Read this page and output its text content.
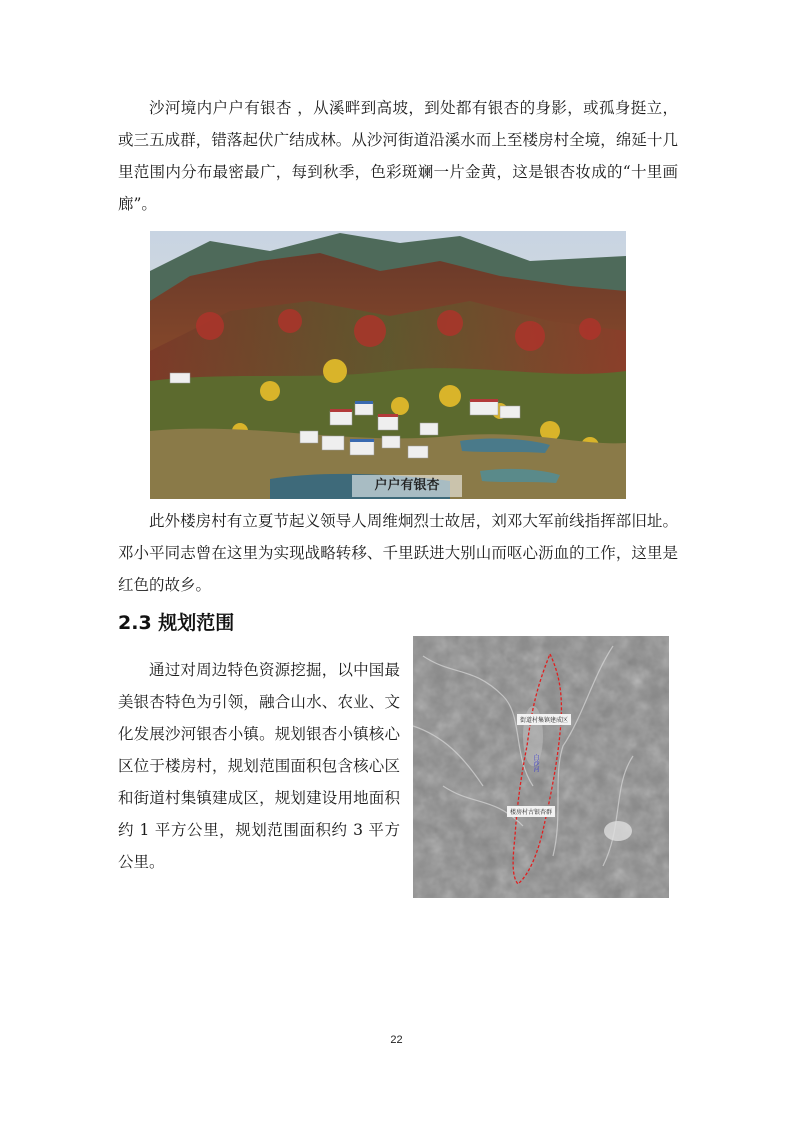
沙河境内户户有银杏 ，从溪畔到高坡，到处都有银杏的身影，或孤身挺立，或三五成群，错落起伏广结成林。从沙河街道沿溪水而上至楼房村全境，绵延十几里范围内分布最密最广，每到秋季，色彩斑斓一片金黄，这是银杏妆成的“十里画廊”。

户户有银杏

此外楼房村有立夏节起义领导人周维炯烈士故居，刘邓大军前线指挥部旧址。邓小平同志曾在这里为实现战略转移、千里跃进大别山而呕心沥血的工作，这里是红色的故乡。

2.3 规划范围

通过对周边特色资源挖掘，以中国最美银杏特色为引领，融合山水、农业、文化发展沙河银杏小镇。规划银杏小镇核心区位于楼房村，规划范围面积包含核心区和街道村集镇建成区，规划建设用地面积约 1 平方公里，规划范围面积约 3 平方公里。

街道村集镇建成区
白沙河
楼房村古银杏群
22
